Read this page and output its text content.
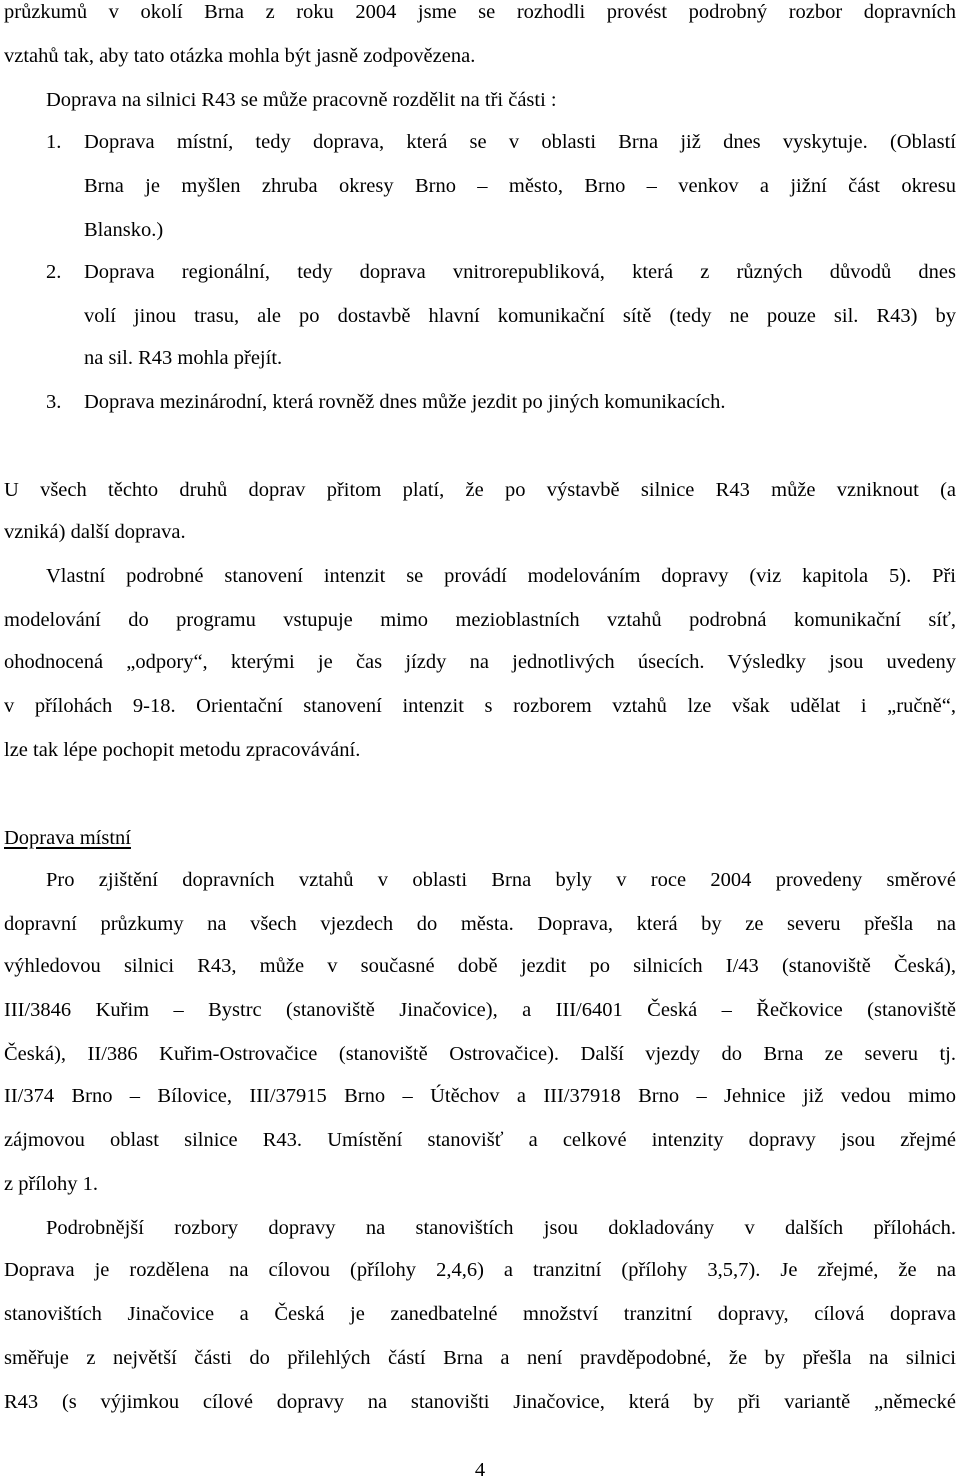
průzkumů v okolí Brna z roku 2004 jsme se rozhodli provést podrobný rozbor dopravních
vztahů tak, aby tato otázka mohla být jasně zodpovězena.
Doprava na silnici R43 se může pracovně rozdělit na tři části :
1. Doprava místní, tedy doprava, která se v oblasti Brna již dnes vyskytuje. (Oblastí
Brna je myšlen zhruba okresy Brno – město, Brno – venkov a jižní část okresu
Blansko.)
2. Doprava regionální, tedy doprava vnitrorepubliková, která z různých důvodů dnes
volí jinou trasu, ale po dostavbě hlavní komunikační sítě (tedy ne pouze sil. R43) by
na sil. R43 mohla přejít.
3. Doprava mezinárodní, která rovněž dnes může jezdit po jiných komunikacích.
U všech těchto druhů doprav přitom platí, že po výstavbě silnice R43 může vzniknout (a
vzniká) další doprava.
Vlastní podrobné stanovení intenzit se provádí modelováním dopravy (viz kapitola 5). Při
modelování do programu vstupuje mimo mezioblastních vztahů podrobná komunikační síť,
ohodnocená „odpory“, kterými je čas jízdy na jednotlivých úsecích. Výsledky jsou uvedeny
v přílohách 9-18. Orientační stanovení intenzit s rozborem vztahů lze však udělat i „ručně“,
lze tak lépe pochopit metodu zpracovávání.
Doprava místní
Pro zjištění dopravních vztahů v oblasti Brna byly v roce 2004 provedeny směrové
dopravní průzkumy na všech vjezdech do města. Doprava, která by ze severu přešla na
výhledovou silnici R43, může v současné době jezdit po silnicích I/43 (stanoviště Česká),
III/3846 Kuřim – Bystrc (stanoviště Jinačovice), a III/6401 Česká – Řečkovice (stanoviště
Česká), II/386 Kuřim-Ostrovačice (stanoviště Ostrovačice). Další vjezdy do Brna ze severu tj.
II/374 Brno – Bílovice, III/37915 Brno – Útěchov a III/37918 Brno – Jehnice již vedou mimo
zájmovou oblast silnice R43. Umístění stanovišť a celkové intenzity dopravy jsou zřejmé
z přílohy 1.
Podrobnější rozbory dopravy na stanovištích jsou dokladovány v dalších přílohách.
Doprava je rozdělena na cílovou (přílohy 2,4,6) a tranzitní (přílohy 3,5,7). Je zřejmé, že na
stanovištích Jinačovice a Česká je zanedbatelné množství tranzitní dopravy, cílová doprava
směřuje z největší části do přilehlých částí Brna a není pravděpodobné, že by přešla na silnici
R43 (s výjimkou cílové dopravy na stanovišti Jinačovice, která by při variantě „německé
4
